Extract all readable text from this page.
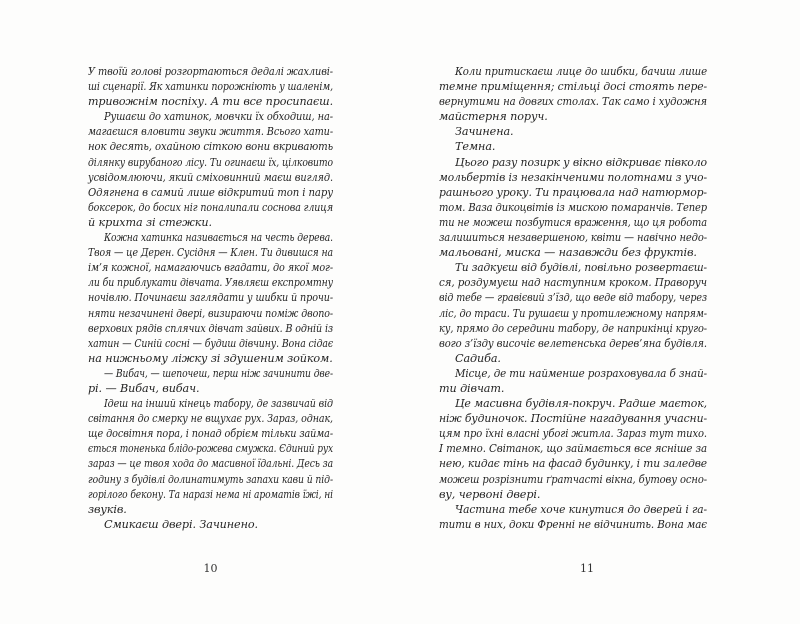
У твоїй голові розгортаються дедалі жахливі-
ші сценарії. Як хатинки порожніють у шаленім,
тривожнім поспіху. А ти все просипаєш.
Рушаєш до хатинок, мовчки їх обходиш, на-
магаєшся вловити звуки життя. Всього хати-
нок десять, охайною сіткою вони вкривають
ділянку вирубаного лісу. Ти огинаєш їх, цілковито
усвідомлюючи, який сміховинний маєш вигляд.
Одягнена в самий лише відкритий топ і пару
боксерок, до босих ніг поналипали соснова глиця
й крихта зі стежки.
Кожна хатинка називається на честь дерева.
Твоя — це Дерен. Сусідня — Клен. Ти дивишся на
ім’я кожної, намагаючись вгадати, до якої мог-
ли би приблукати дівчата. Уявляєш експромтну
ночівлю. Починаєш заглядати у шибки й прочи-
няти незачинені двері, визираючи поміж двопо-
верхових рядів сплячих дівчат зайвих. В одній із
хатин — Синій сосні — будиш дівчину. Вона сідає
на нижньому ліжку зі здушеним зойком.
— Вибач, — шепочеш, перш ніж зачинити две-
рі. — Вибач, вибач.
Ідеш на інший кінець табору, де зазвичай від
світання до смерку не вщухає рух. Зараз, однак,
ще досвітня пора, і понад обрієм тільки займа-
ється тоненька блідо-рожева смужка. Єдиний рух
зараз — це твоя хода до масивної їдальні. Десь за
годину з будівлі долинатимуть запахи кави й під-
горілого бекону. Та наразі нема ні ароматів їжі, ні
звуків.
Смикаєш двері. Зачинено.
10
Коли притискаєш лице до шибки, бачиш лише
темне приміщення; стільці досі стоять пере-
вернутими на довгих столах. Так само і художня
майстерня поруч.
Зачинена.
Темна.
Цього разу позирк у вікно відкриває півколо
мольбертів із незакінченими полотнами з учо-
рашнього уроку. Ти працювала над натюрмор-
том. Ваза дикоцвітів із мискою помаранчів. Тепер
ти не можеш позбутися враження, що ця робота
залишиться незавершеною, квіти — навічно недо-
мальовані, миска — назавжди без фруктів.
Ти задкуєш від будівлі, повільно розвертаєш-
ся, роздумуєш над наступним кроком. Праворуч
від тебе — гравієвий з’їзд, що веде від табору, через
ліс, до траси. Ти рушаєш у протилежному напрям-
ку, прямо до середини табору, де наприкінці круго-
вого з’їзду височіє велетенська дерев’яна будівля.
Садиба.
Місце, де ти найменше розраховувала б знай-
ти дівчат.
Це масивна будівля-покруч. Радше маєток,
ніж будиночок. Постійне нагадування учасни-
цям про їхні власні убогі житла. Зараз тут тихо.
І темно. Світанок, що займається все ясніше за
нею, кидає тінь на фасад будинку, і ти заледве
можеш розрізнити ґратчасті вікна, бутову осно-
ву, червоні двері.
Частина тебе хоче кинутися до дверей і га-
тити в них, доки Френні не відчинить. Вона має
11
